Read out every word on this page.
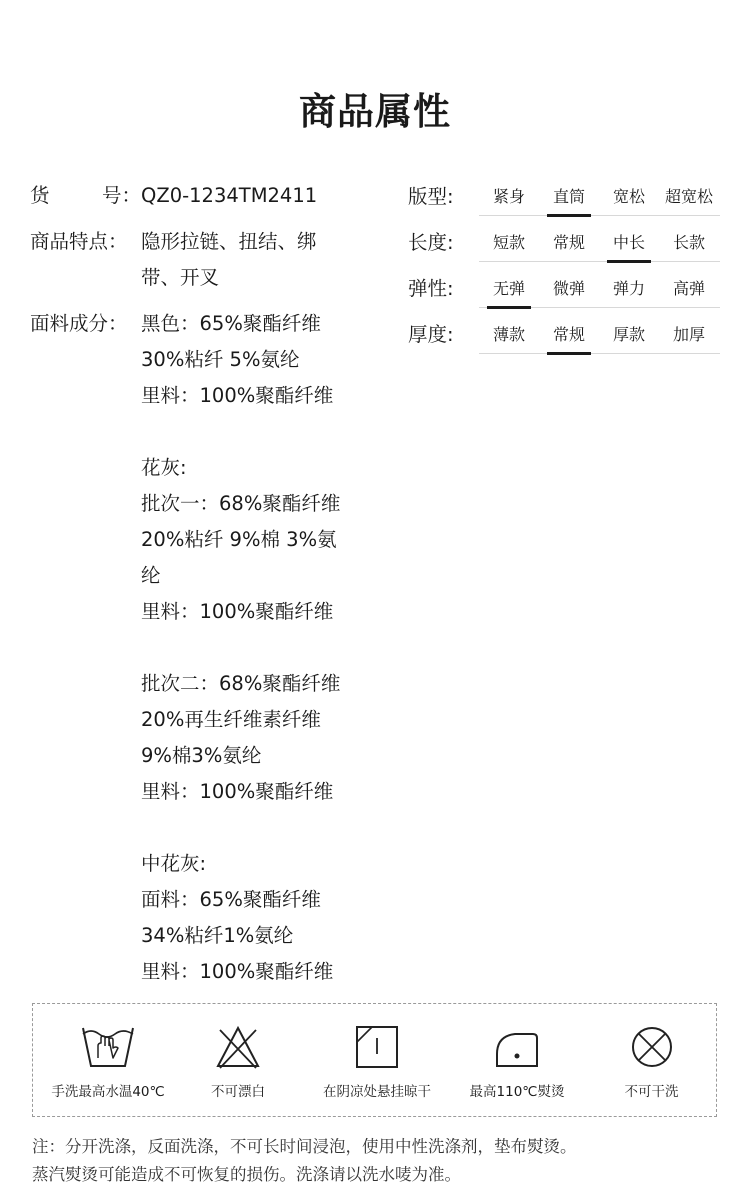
商品属性
货	号： QZ0-1234TM2411
商品特点： 隐形拉链、扭结、绑
带、开叉
面料成分： 黑色：65%聚酯纤维
30%粘纤 5%氨纶
里料：100%聚酯纤维
花灰:
批次一：68%聚酯纤维
20%粘纤 9%棉 3%氨
纶
里料：100%聚酯纤维
批次二：68%聚酯纤维
20%再生纤维素纤维
9%棉3%氨纶
里料：100%聚酯纤维
中花灰:
面料：65%聚酯纤维
34%粘纤1%氨纶
里料：100%聚酯纤维
版型:	紧身	直筒	宽松	超宽松
长度:	短款	常规	中长	长款
弹性:	无弹	微弹	弹力	高弹
厚度:	薄款	常规	厚款	加厚
手洗最高水温40℃	不可漂白	在阴凉处悬挂晾干	最高110℃熨烫	不可干洗
注：分开洗涤，反面洗涤，不可长时间浸泡，使用中性洗涤剂，垫布熨烫。
蒸汽熨烫可能造成不可恢复的损伤。洗涤请以洗水唛为准。
